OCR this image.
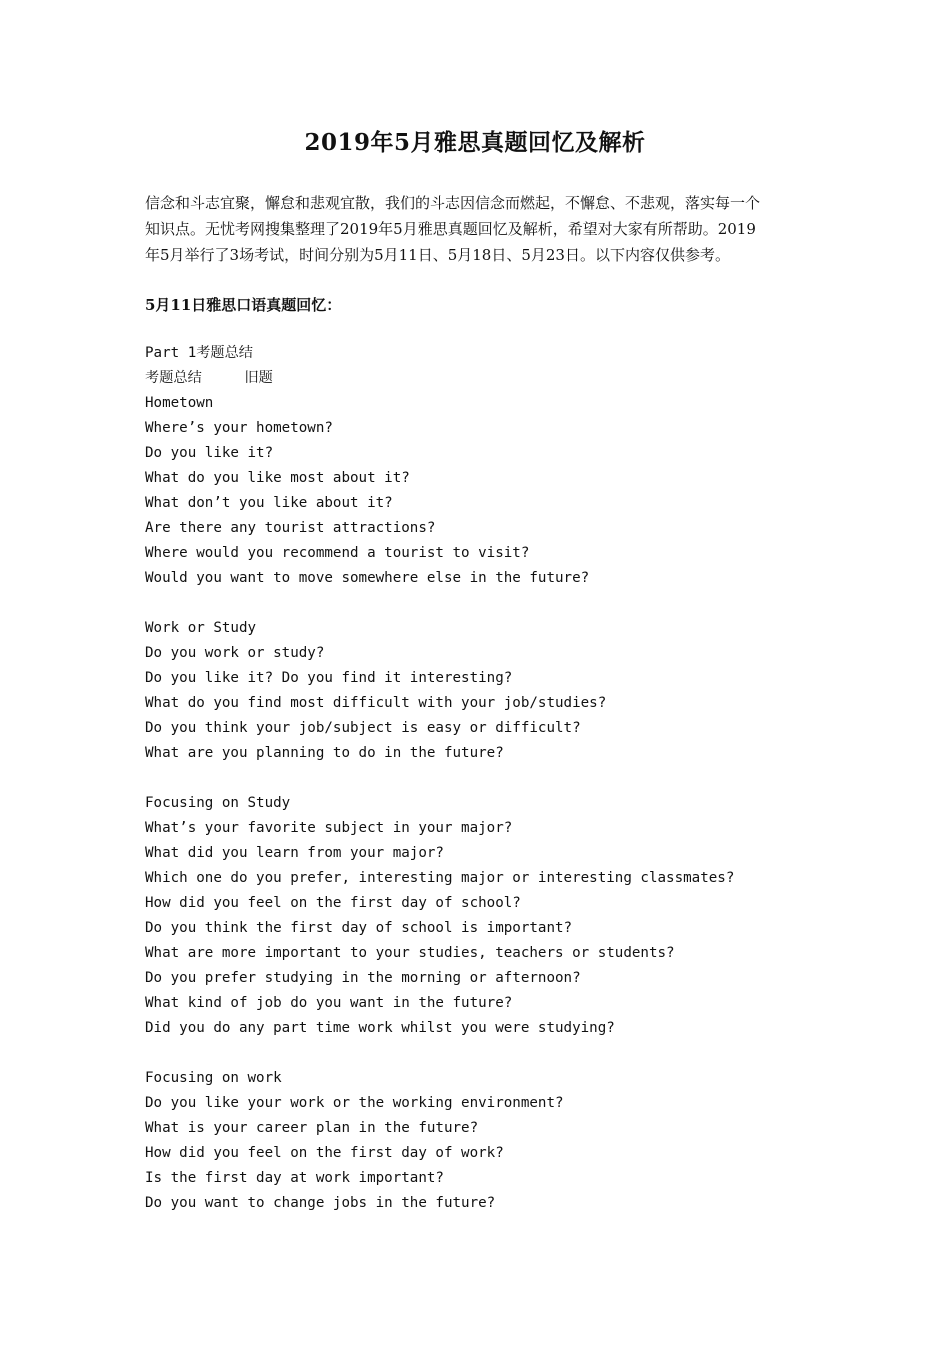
2019年5月雅思真题回忆及解析
信念和斗志宜聚，懈怠和悲观宜散，我们的斗志因信念而燃起，不懈怠、不悲观，落实每一个
知识点。无忧考网搜集整理了2019年5月雅思真题回忆及解析，希望对大家有所帮助。2019
年5月举行了3场考试，时间分别为5月11日、5月18日、5月23日。以下内容仅供参考。
5月11日雅思口语真题回忆：
Part 1考题总结
考题总结     旧题
Hometown
Where’s your hometown?
Do you like it?
What do you like most about it?
What don’t you like about it?
Are there any tourist attractions?
Where would you recommend a tourist to visit?
Would you want to move somewhere else in the future?
Work or Study
Do you work or study?
Do you like it? Do you find it interesting?
What do you find most difficult with your job/studies?
Do you think your job/subject is easy or difficult?
What are you planning to do in the future?
Focusing on Study
What’s your favorite subject in your major?
What did you learn from your major?
Which one do you prefer, interesting major or interesting classmates?
How did you feel on the first day of school?
Do you think the first day of school is important?
What are more important to your studies, teachers or students?
Do you prefer studying in the morning or afternoon?
What kind of job do you want in the future?
Did you do any part time work whilst you were studying?
Focusing on work
Do you like your work or the working environment?
What is your career plan in the future?
How did you feel on the first day of work?
Is the first day at work important?
Do you want to change jobs in the future?
